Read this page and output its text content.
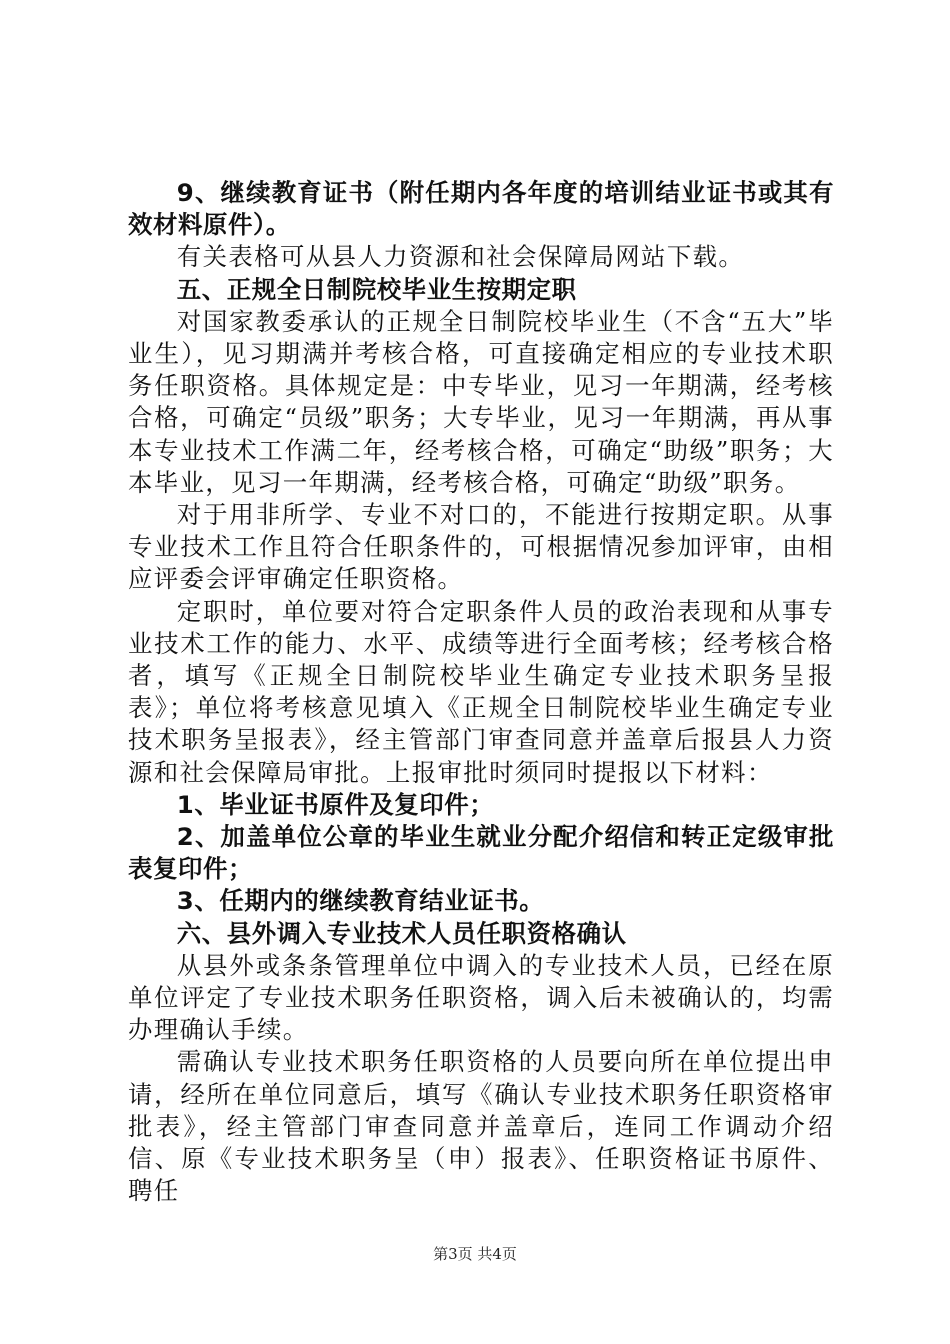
9、继续教育证书（附任期内各年度的培训结业证书或其有效材料原件）。

有关表格可从县人力资源和社会保障局网站下载。

五、正规全日制院校毕业生按期定职

对国家教委承认的正规全日制院校毕业生（不含“五大”毕业生），见习期满并考核合格，可直接确定相应的专业技术职务任职资格。具体规定是：中专毕业，见习一年期满，经考核合格，可确定“员级”职务；大专毕业，见习一年期满，再从事本专业技术工作满二年，经考核合格，可确定“助级”职务；大本毕业，见习一年期满，经考核合格，可确定“助级”职务。

对于用非所学、专业不对口的，不能进行按期定职。从事专业技术工作且符合任职条件的，可根据情况参加评审，由相应评委会评审确定任职资格。

定职时，单位要对符合定职条件人员的政治表现和从事专业技术工作的能力、水平、成绩等进行全面考核；经考核合格者，填写《正规全日制院校毕业生确定专业技术职务呈报表》；单位将考核意见填入《正规全日制院校毕业生确定专业技术职务呈报表》，经主管部门审查同意并盖章后报县人力资源和社会保障局审批。上报审批时须同时提报以下材料：

1、毕业证书原件及复印件；

2、加盖单位公章的毕业生就业分配介绍信和转正定级审批表复印件；

3、任期内的继续教育结业证书。

六、县外调入专业技术人员任职资格确认

从县外或条条管理单位中调入的专业技术人员，已经在原单位评定了专业技术职务任职资格，调入后未被确认的，均需办理确认手续。

需确认专业技术职务任职资格的人员要向所在单位提出申请，经所在单位同意后，填写《确认专业技术职务任职资格审批表》，经主管部门审查同意并盖章后，连同工作调动介绍信、原《专业技术职务呈（申）报表》、任职资格证书原件、聘任

第3页 共4页
